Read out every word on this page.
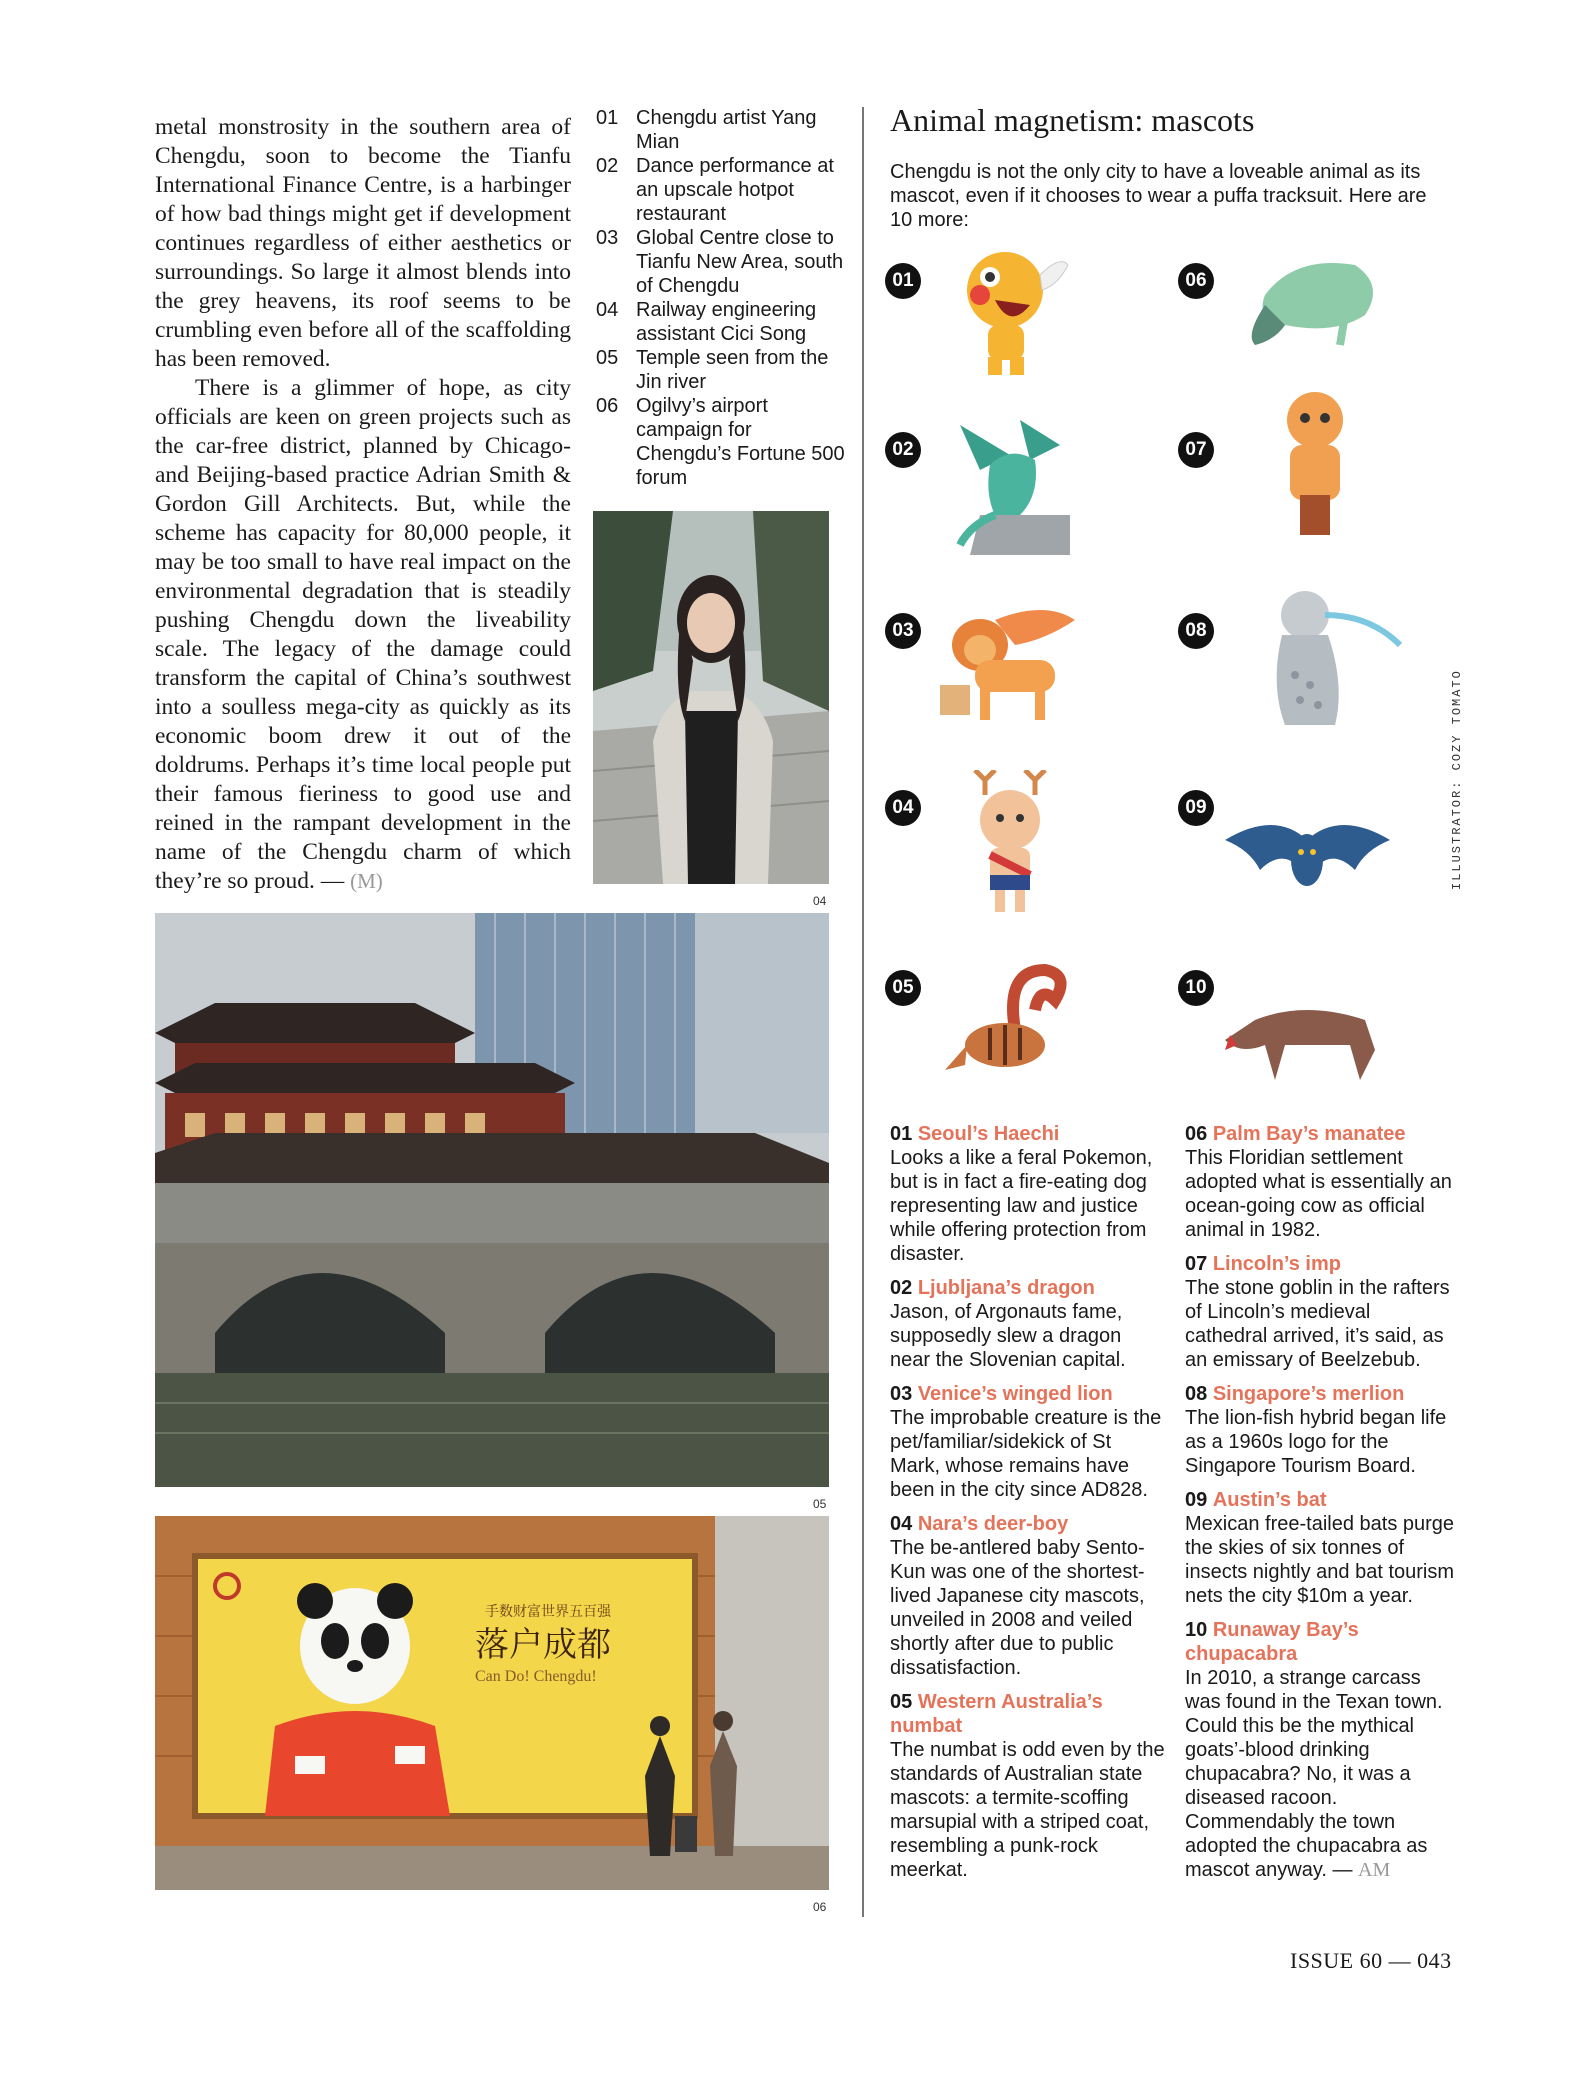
metal monstrosity in the southern area of Chengdu, soon to become the Tianfu International Finance Centre, is a harbinger of how bad things might get if development continues regardless of either aesthetics or surroundings. So large it almost blends into the grey heavens, its roof seems to be crumbling even before all of the scaffolding has been removed.

There is a glimmer of hope, as city officials are keen on green projects such as the car-free district, planned by Chicago- and Beijing-based practice Adrian Smith & Gordon Gill Architects. But, while the scheme has capacity for 80,000 people, it may be too small to have real impact on the environmental degradation that is steadily pushing Chengdu down the liveability scale. The legacy of the damage could transform the capital of China’s southwest into a soulless mega-city as quickly as its economic boom drew it out of the doldrums. Perhaps it’s time local people put their famous fieriness to good use and reined in the rampant development in the name of the Chengdu charm of which they’re so proud. — (M)

01 Chengdu artist Yang Mian
02 Dance performance at an upscale hotpot restaurant
03 Global Centre close to Tianfu New Area, south of Chengdu
04 Railway engineering assistant Cici Song
05 Temple seen from the Jin river
06 Ogilvy’s airport campaign for Chengdu’s Fortune 500 forum
04
05
手数财富世界五百强
落户成都
Can Do! Chengdu!
06
Animal magnetism: mascots
Chengdu is not the only city to have a loveable animal as its mascot, even if it chooses to wear a puffa tracksuit. Here are 10 more:
01
02
03
04
05
06
07
08
09
10
ILLUSTRATOR: COZY TOMATO
01 Seoul’s Haechi
Looks a like a feral Pokemon, but is in fact a fire-eating dog representing law and justice while offering protection from disaster.
02 Ljubljana’s dragon
Jason, of Argonauts fame, supposedly slew a dragon near the Slovenian capital.
03 Venice’s winged lion
The improbable creature is the pet/familiar/sidekick of St Mark, whose remains have been in the city since AD828.
04 Nara’s deer-boy
The be-antlered baby Sento-Kun was one of the shortest-lived Japanese city mascots, unveiled in 2008 and veiled shortly after due to public dissatisfaction.
05 Western Australia’s numbat
The numbat is odd even by the standards of Australian state mascots: a termite-scoffing marsupial with a striped coat, resembling a punk-rock meerkat.
06 Palm Bay’s manatee
This Floridian settlement adopted what is essentially an ocean-going cow as official animal in 1982.
07 Lincoln’s imp
The stone goblin in the rafters of Lincoln’s medieval cathedral arrived, it’s said, as an emissary of Beelzebub.
08 Singapore’s merlion
The lion-fish hybrid began life as a 1960s logo for the Singapore Tourism Board.
09 Austin’s bat
Mexican free-tailed bats purge the skies of six tonnes of insects nightly and bat tourism nets the city $10m a year.
10 Runaway Bay’s chupacabra
In 2010, a strange carcass was found in the Texan town. Could this be the mythical goats’-blood drinking chupacabra? No, it was a diseased racoon. Commendably the town adopted the chupacabra as mascot anyway. — AM
ISSUE 60 — 043
